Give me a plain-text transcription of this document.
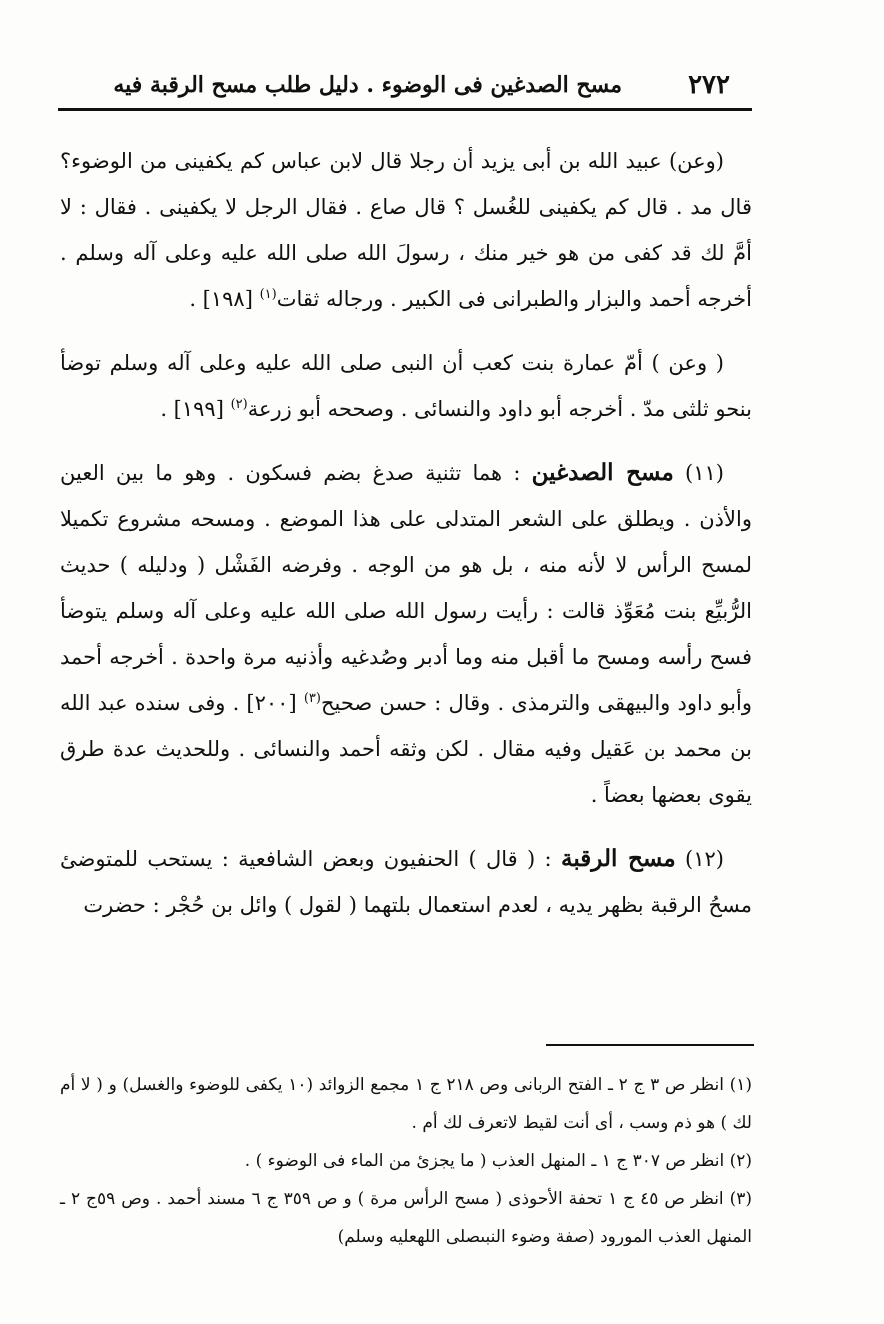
٢٧٢
مسح الصدغين فى الوضوء . دليل طلب مسح الرقبة فيه

(وعن) عبيد الله بن أبى يزيد أن رجلا قال لابن عباس كم يكفينى من الوضوء؟ قال مد . قال كم يكفينى للغُسل ؟ قال صاع . فقال الرجل لا يكفينى . فقال : لا أمَّ لك قد كفى من هو خير منك ، رسولَ الله صلى الله عليه وعلى آله وسلم . أخرجه أحمد والبزار والطبرانى فى الكبير . ورجاله ثقات$^{(١)}$ [١٩٨] .

( وعن ) أمّ عمارة بنت كعب أن النبى صلى الله عليه وعلى آله وسلم توضأ بنحو ثلثى مدّ . أخرجه أبو داود والنسائى . وصححه أبو زرعة$^{(٢)}$ [١٩٩] .

(١١) مسح الصدغين : هما تثنية صدغ بضم فسكون . وهو ما بين العين والأذن . ويطلق على الشعر المتدلى على هذا الموضع . ومسحه مشروع تكميلا لمسح الرأس لا لأنه منه ، بل هو من الوجه . وفرضه الفَشْل ( ودليله ) حديث الرُّبيِّع بنت مُعَوِّذ قالت : رأيت رسول الله صلى الله عليه وعلى آله وسلم يتوضأ فسح رأسه ومسح ما أقبل منه وما أدبر وصُدغيه وأذنيه مرة واحدة . أخرجه أحمد وأبو داود والبيهقى والترمذى . وقال : حسن صحيح$^{(٣)}$ [٢٠٠] . وفى سنده عبد الله بن محمد بن عَقيل وفيه مقال . لكن وثقه أحمد والنسائى . وللحديث عدة طرق يقوى بعضها بعضاً .

(١٢) مسح الرقبة : ( قال ) الحنفيون وبعض الشافعية : يستحب للمتوضئ مسحُ الرقبة بظهر يديه ، لعدم استعمال بلتهما ( لقول ) وائل بن حُجْر : حضرت

(١) انظر ص ٣ ج ٢ ـ الفتح الربانى وص ٢١٨ ج ١ مجمع الزوائد (١٠ يكفى للوضوء والغسل) و ( لا أم لك ) هو ذم وسب ، أى أنت لقيط لاتعرف لك أم .

(٢) انظر ص ٣٠٧ ج ١ ـ المنهل العذب ( ما يجزئ من الماء فى الوضوء ) .

(٣) انظر ص ٤٥ ج ١ تحفة الأحوذى ( مسح الرأس مرة ) و ص ٣٥٩ ج ٦ مسند أحمد . وص ٥٩ج ٢ ـ المنهل العذب المورود (صفة وضوء النبىصلى اللهعليه وسلم)
